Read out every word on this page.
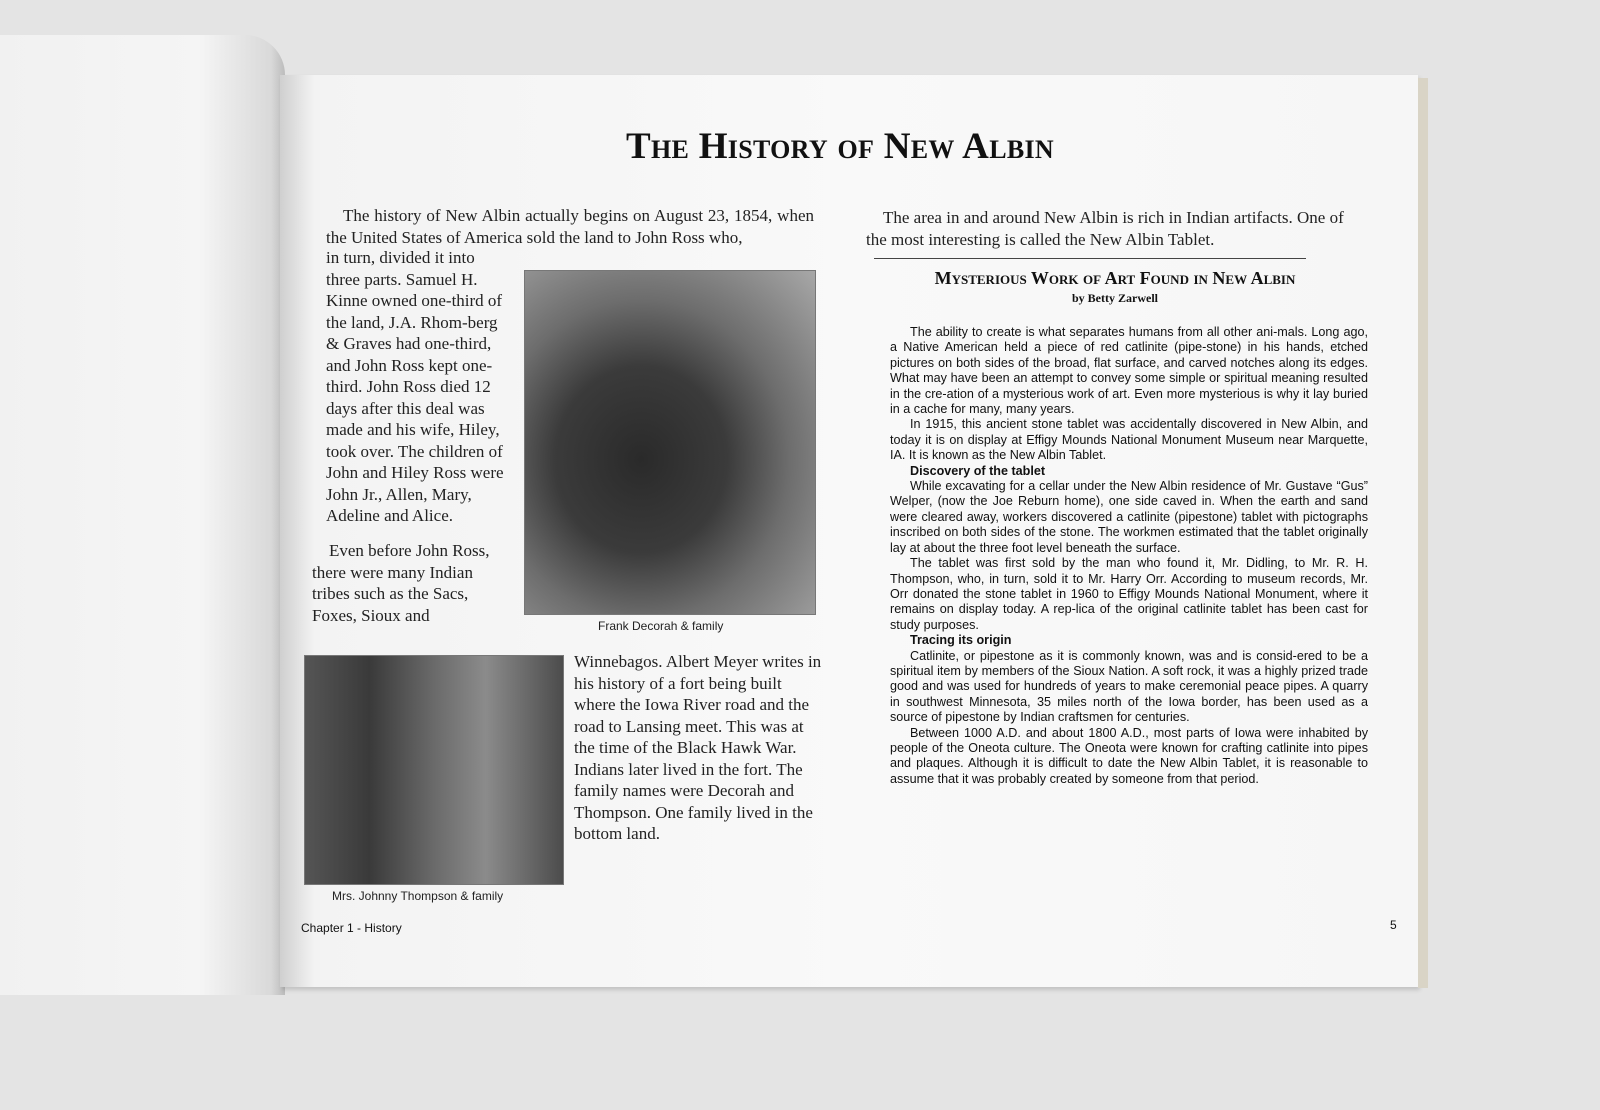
The History of New Albin

The history of New Albin actually begins on August 23, 1854, when the United States of America sold the land to John Ross who,

in turn, divided it into three parts. Samuel H. Kinne owned one-third of the land, J.A. Rhom-berg & Graves had one-third, and John Ross kept one-third. John Ross died 12 days after this deal was made and his wife, Hiley, took over. The children of John and Hiley Ross were John Jr., Allen, Mary, Adeline and Alice.

Even before John Ross, there were many Indian tribes such as the Sacs, Foxes, Sioux and

Frank Decorah & family
Mrs. Johnny Thompson & family

Winnebagos. Albert Meyer writes in his history of a fort being built where the Iowa River road and the road to Lansing meet. This was at the time of the Black Hawk War. Indians later lived in the fort. The family names were Decorah and Thompson. One family lived in the bottom land.

The area in and around New Albin is rich in Indian artifacts. One of the most interesting is called the New Albin Tablet.

Mysterious Work of Art Found in New Albin
by Betty Zarwell

The ability to create is what separates humans from all other ani-mals. Long ago, a Native American held a piece of red catlinite (pipe-stone) in his hands, etched pictures on both sides of the broad, flat surface, and carved notches along its edges. What may have been an attempt to convey some simple or spiritual meaning resulted in the cre-ation of a mysterious work of art. Even more mysterious is why it lay buried in a cache for many, many years.

In 1915, this ancient stone tablet was accidentally discovered in New Albin, and today it is on display at Effigy Mounds National Monument Museum near Marquette, IA. It is known as the New Albin Tablet.

Discovery of the tablet

While excavating for a cellar under the New Albin residence of Mr. Gustave “Gus” Welper, (now the Joe Reburn home), one side caved in. When the earth and sand were cleared away, workers discovered a catlinite (pipestone) tablet with pictographs inscribed on both sides of the stone. The workmen estimated that the tablet originally lay at about the three foot level beneath the surface.

The tablet was first sold by the man who found it, Mr. Didling, to Mr. R. H. Thompson, who, in turn, sold it to Mr. Harry Orr. According to museum records, Mr. Orr donated the stone tablet in 1960 to Effigy Mounds National Monument, where it remains on display today. A rep-lica of the original catlinite tablet has been cast for study purposes.

Tracing its origin

Catlinite, or pipestone as it is commonly known, was and is consid-ered to be a spiritual item by members of the Sioux Nation. A soft rock, it was a highly prized trade good and was used for hundreds of years to make ceremonial peace pipes. A quarry in southwest Minnesota, 35 miles north of the Iowa border, has been used as a source of pipestone by Indian craftsmen for centuries.

Between 1000 A.D. and about 1800 A.D., most parts of Iowa were inhabited by people of the Oneota culture. The Oneota were known for crafting catlinite into pipes and plaques. Although it is difficult to date the New Albin Tablet, it is reasonable to assume that it was probably created by someone from that period.

Chapter 1 - History	5
